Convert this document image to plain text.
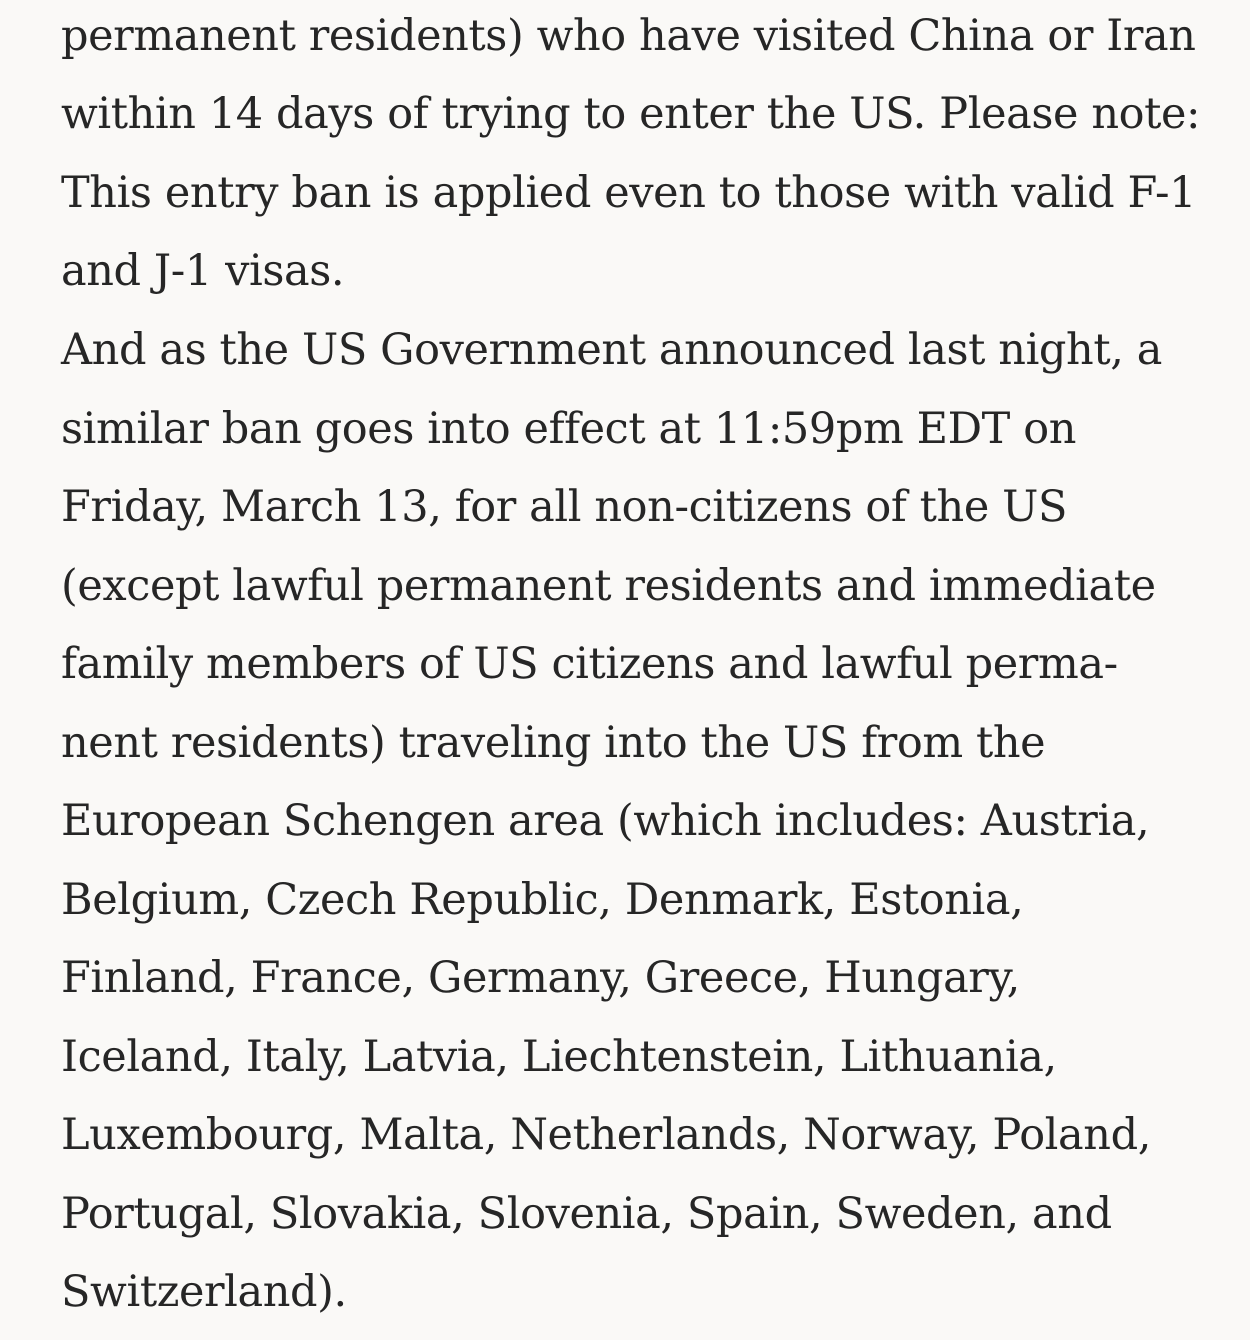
permanent residents) who have visited China or Iran

within 14 days of trying to enter the US. Please note:

This entry ban is applied even to those with valid F-1

and J-1 visas.

And as the US Government announced last night, a

similar ban goes into effect at 11:59pm EDT on

Friday, March 13, for all non-citizens of the US

(except lawful permanent residents and immediate

family members of US citizens and lawful perma-

nent residents) traveling into the US from the

European Schengen area (which includes: Austria,

Belgium, Czech Republic, Denmark, Estonia,

Finland, France, Germany, Greece, Hungary,

Iceland, Italy, Latvia, Liechtenstein, Lithuania,

Luxembourg, Malta, Netherlands, Norway, Poland,

Portugal, Slovakia, Slovenia, Spain, Sweden, and

Switzerland).
